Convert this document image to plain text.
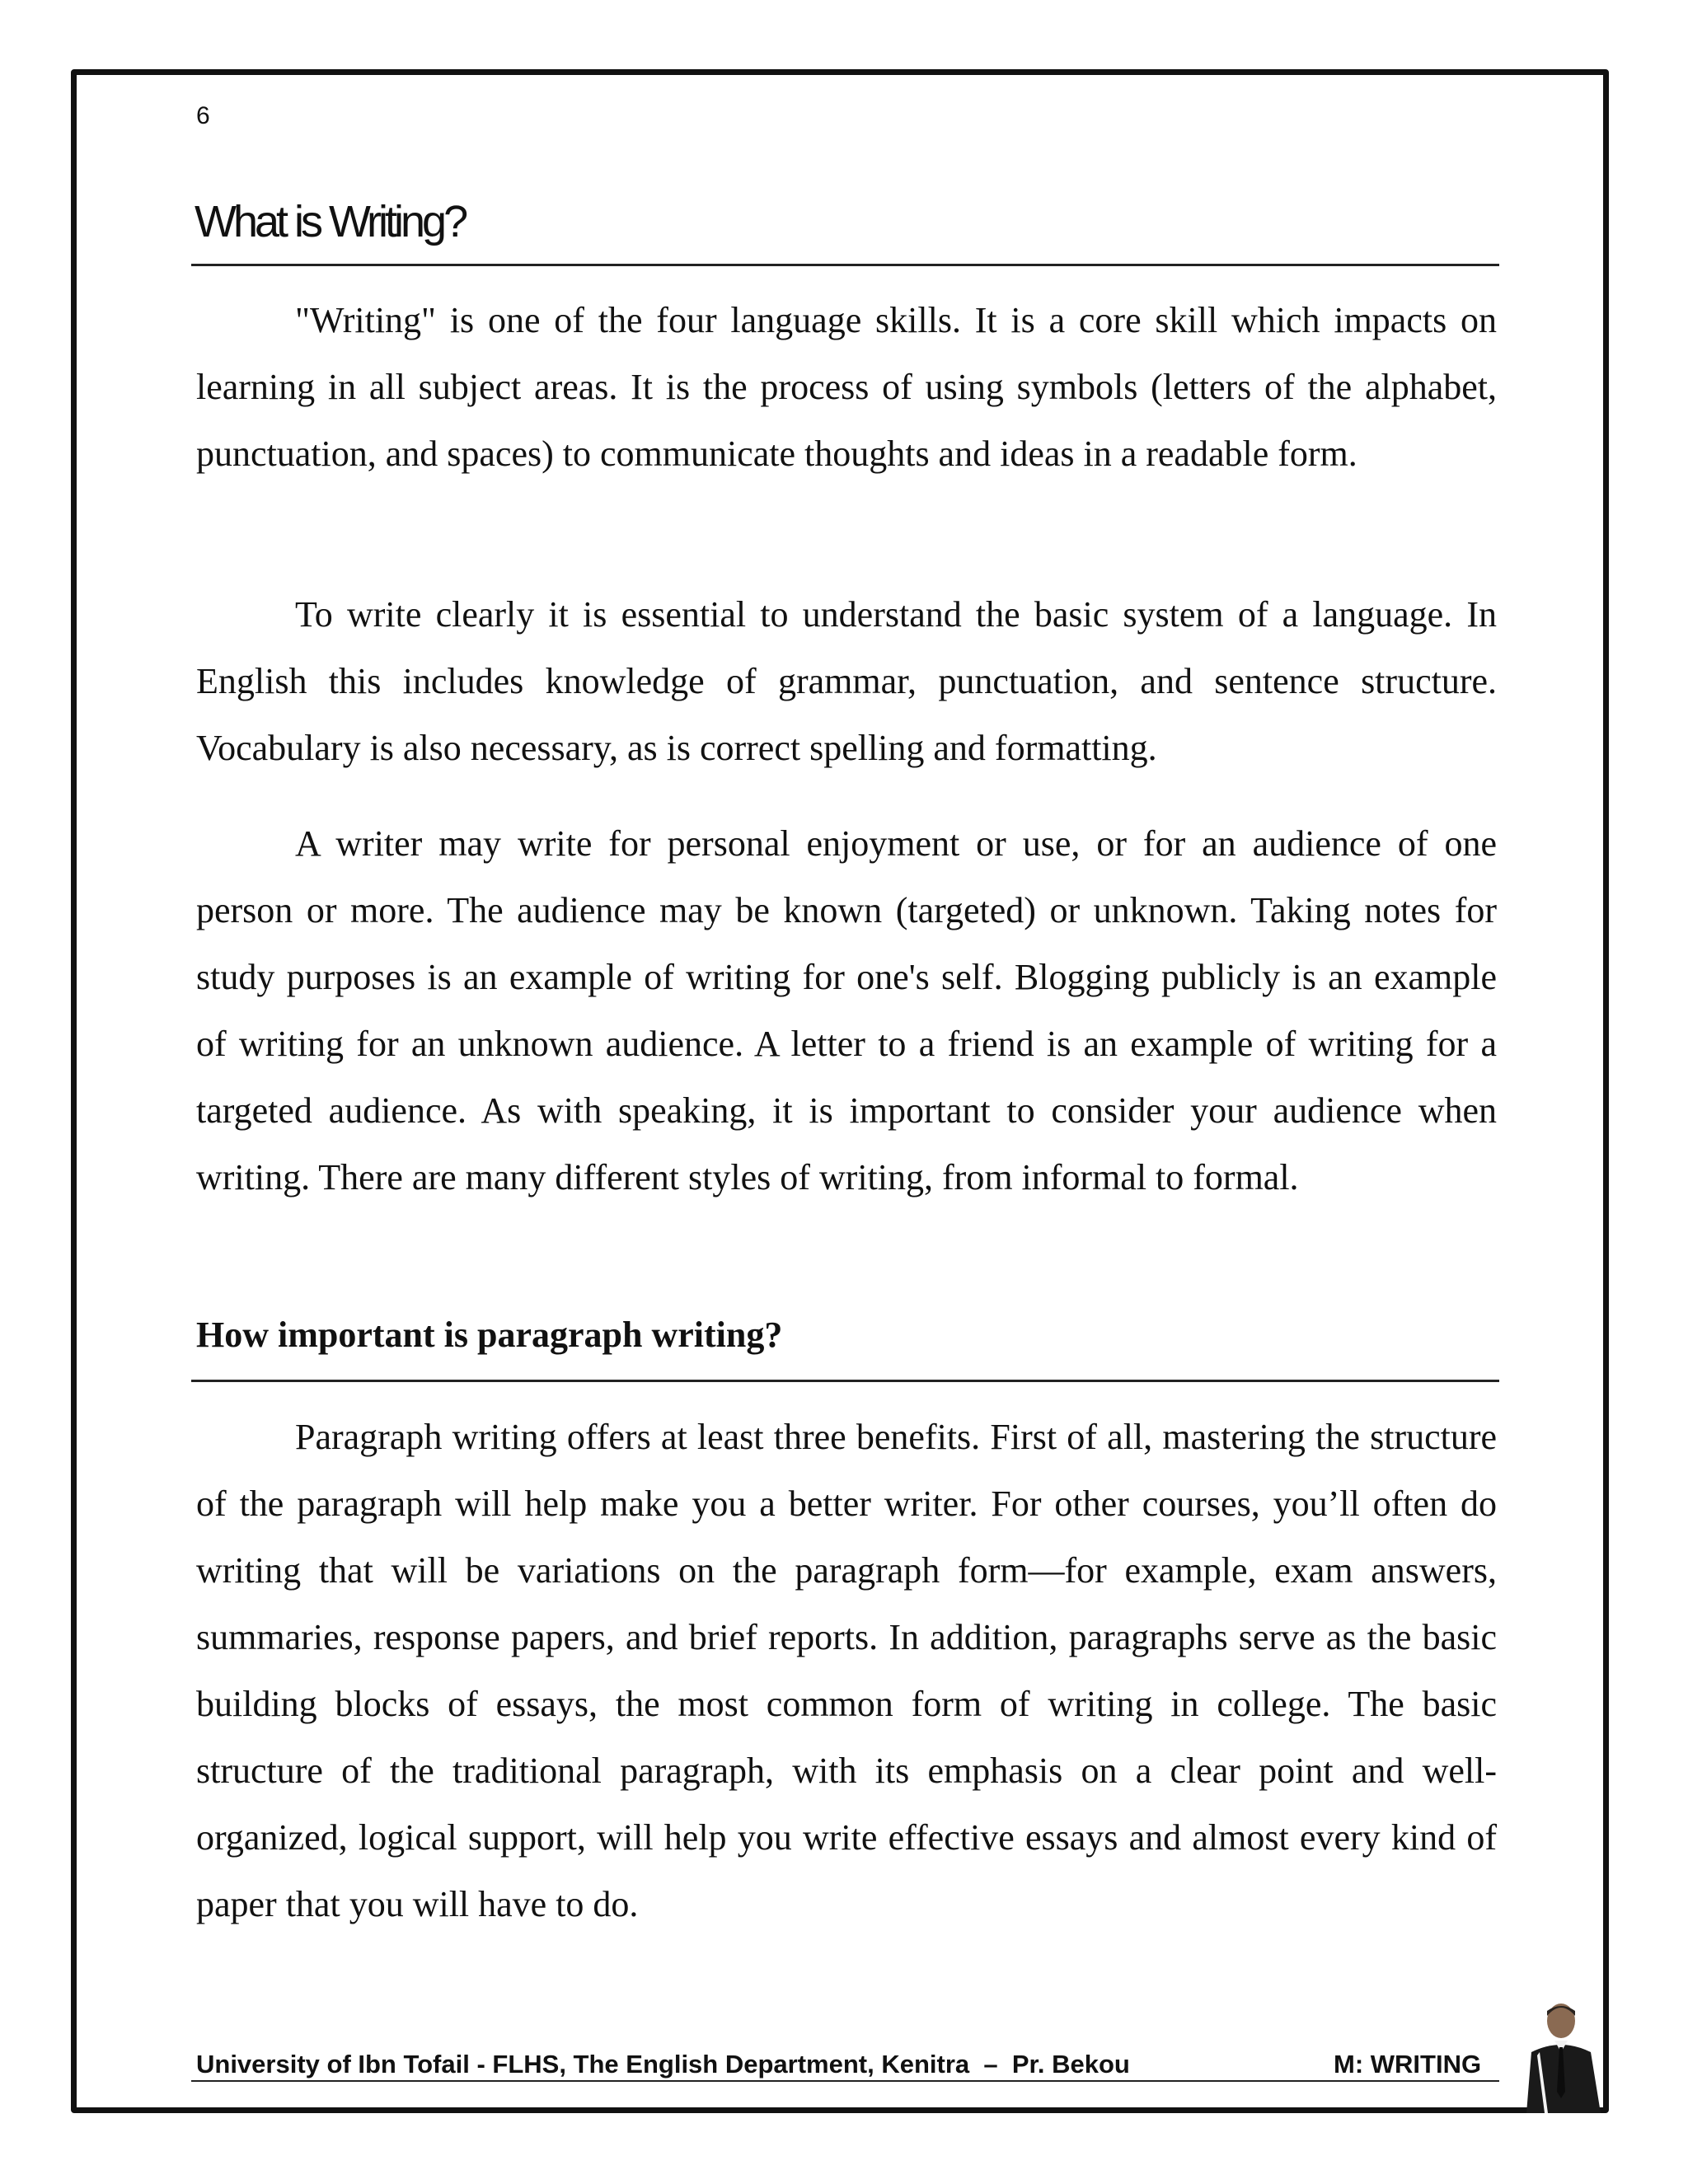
6
What is Writing?

"Writing" is one of the four language skills. It is a core skill which impacts on learning in all subject areas. It is the process of using symbols (letters of the alphabet, punctuation, and spaces) to communicate thoughts and ideas in a readable form.

To write clearly it is essential to understand the basic system of a language. In English this includes knowledge of grammar, punctuation, and sentence structure. Vocabulary is also necessary, as is correct spelling and formatting.

A writer may write for personal enjoyment or use, or for an audience of one person or more. The audience may be known (targeted) or unknown. Taking notes for study purposes is an example of writing for one's self. Blogging publicly is an example of writing for an unknown audience. A letter to a friend is an example of writing for a targeted audience. As with speaking, it is important to consider your audience when writing. There are many different styles of writing, from informal to formal.

How important is paragraph writing?

Paragraph writing offers at least three benefits. First of all, mastering the structure of the paragraph will help make you a better writer. For other courses, you’ll often do writing that will be variations on the paragraph form—for example, exam answers, summaries, response papers, and brief reports. In addition, paragraphs serve as the basic building blocks of essays, the most common form of writing in college. The basic structure of the traditional paragraph, with its emphasis on a clear point and well-organized, logical support, will help you write effective essays and almost every kind of paper that you will have to do.

University of Ibn Tofail - FLHS, The English Department, Kenitra  –  Pr. Bekou	M: WRITING
